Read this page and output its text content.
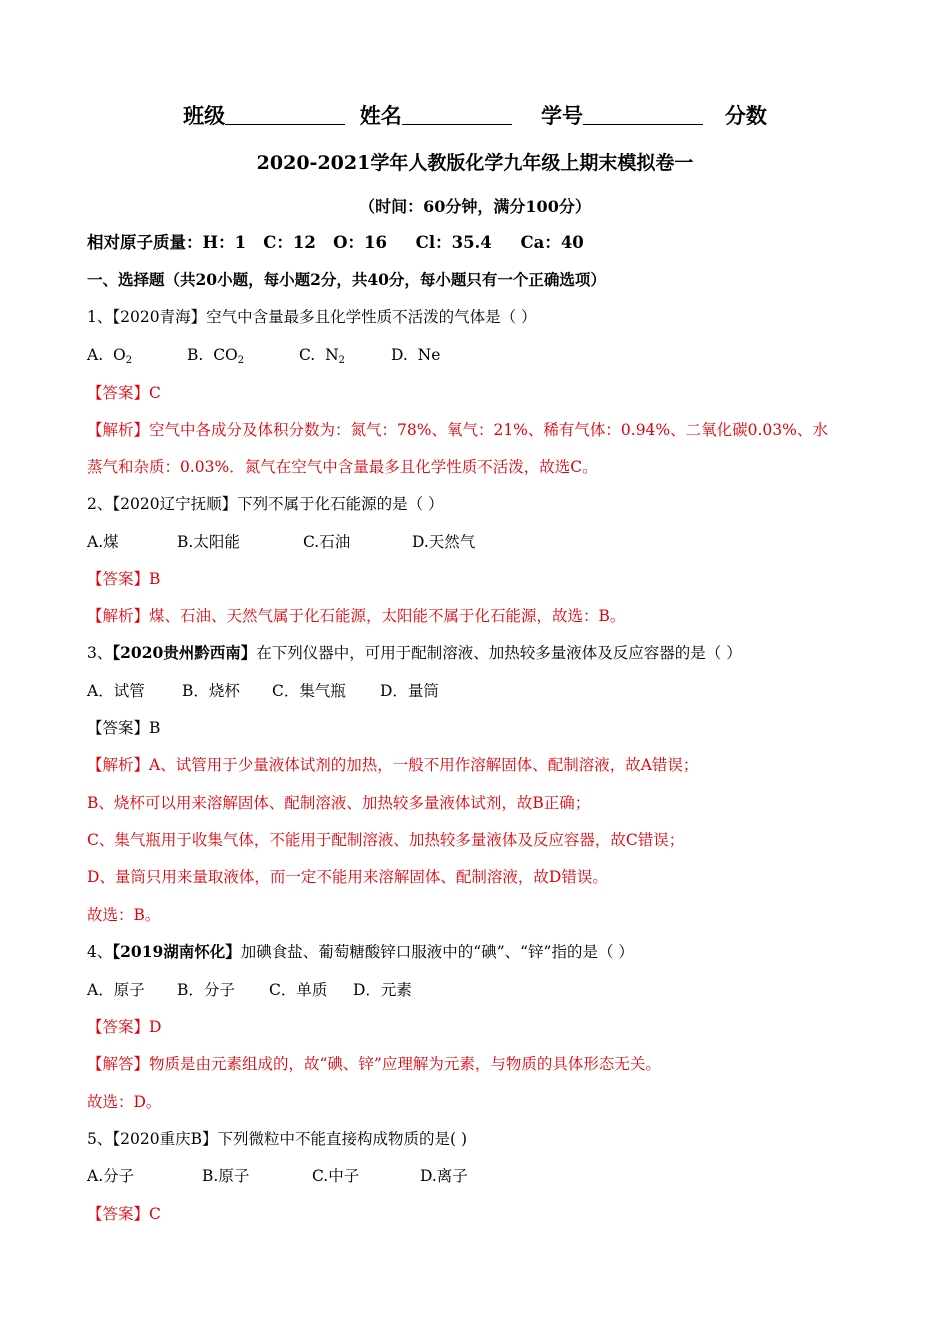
班级	姓名	学号	分数
2020-2021学年人教版化学九年级上期末模拟卷一
（时间：60分钟，满分100分）
相对原子质量：H：1   C：12   O：16     Cl：35.4     Ca：40
一、选择题（共20小题，每小题2分，共40分，每小题只有一个正确选项）
1、【2020青海】空气中含量最多且化学性质不活泼的气体是（ ）
A. $O_2$	B. $CO_2$	C. $N_2$	D. Ne
【答案】C
【解析】空气中各成分及体积分数为：氮气：78%、氧气：21%、稀有气体：0.94%、二氧化碳0.03%、水
蒸气和杂质：0.03%．氮气在空气中含量最多且化学性质不活泼，故选C。
2、【2020辽宁抚顺】下列不属于化石能源的是（ ）
A.煤	B.太阳能	C.石油	D.天然气
【答案】B
【解析】煤、石油、天然气属于化石能源，太阳能不属于化石能源，故选：B。
3、【2020贵州黔西南】在下列仪器中，可用于配制溶液、加热较多量液体及反应容器的是（ ）
A．试管 B．烧杯 C．集气瓶 D．量筒
【答案】B
【解析】A、试管用于少量液体试剂的加热，一般不用作溶解固体、配制溶液，故A错误；
B、烧杯可以用来溶解固体、配制溶液、加热较多量液体试剂，故B正确；
C、集气瓶用于收集气体，不能用于配制溶液、加热较多量液体及反应容器，故C错误；
D、量筒只用来量取液体，而一定不能用来溶解固体、配制溶液，故D错误。
故选：B。
4、【2019湖南怀化】加碘食盐、葡萄糖酸锌口服液中的“碘”、“锌”指的是（ ）
A．原子 B．分子 C．单质 D．元素
【答案】D
【解答】物质是由元素组成的，故“碘、锌”应理解为元素，与物质的具体形态无关。
故选：D。
5、【2020重庆B】下列微粒中不能直接构成物质的是( )
A.分子	B.原子	C.中子	D.离子
【答案】C
